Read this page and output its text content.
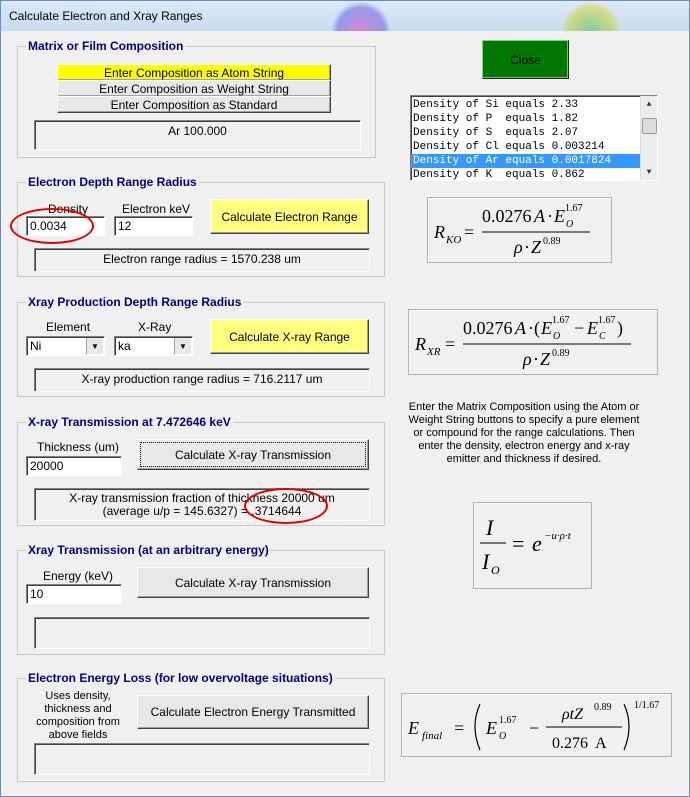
Calculate Electron and Xray Ranges
Matrix or Film Composition
Enter Composition as Atom String
Enter Composition as Weight String
Enter Composition as Standard
Ar 100.000
Close
Density of Si equals 2.33
Density of P  equals 1.82
Density of S  equals 2.07
Density of Cl equals 0.003214
Density of Ar equals 0.0017824
Density of K  equals 0.862
▲
▼
Electron Depth Range Radius
Density
0.0034
Electron keV
12
Calculate Electron Range
Electron range radius = 1570.238 um
Xray Production Depth Range Radius
Element
Ni	▼
X-Ray
ka	▼
Calculate X-ray Range
X-ray production range radius = 716.2117 um
X-ray Transmission at 7.472646 keV
Thickness (um)
20000
Calculate X-ray Transmission
X-ray transmission fraction of thickness 20000 um
(average u/p = 145.6327) = .3714644
Xray Transmission (at an arbitrary energy)
Energy (keV)
10
Calculate X-ray Transmission
Electron Energy Loss (for low overvoltage situations)
Uses density, thickness and composition from above fields
Calculate Electron Energy Transmitted
R KO =
0.0276 A · E O
1.67
ρ · Z 0.89
R XR =
0.0276 A ·( E O
1.67 − E C
1.67 )
ρ · Z 0.89
Enter the Matrix Composition using the Atom or Weight String buttons to specify a pure element or compound for the range calculations. Then enter the density, electron energy and x-ray emitter and thickness if desired.
I
I O
= e −u·ρ·t
E final = E O
1.67 −
ρtZ 0.89
0.276  A
1/1.67
